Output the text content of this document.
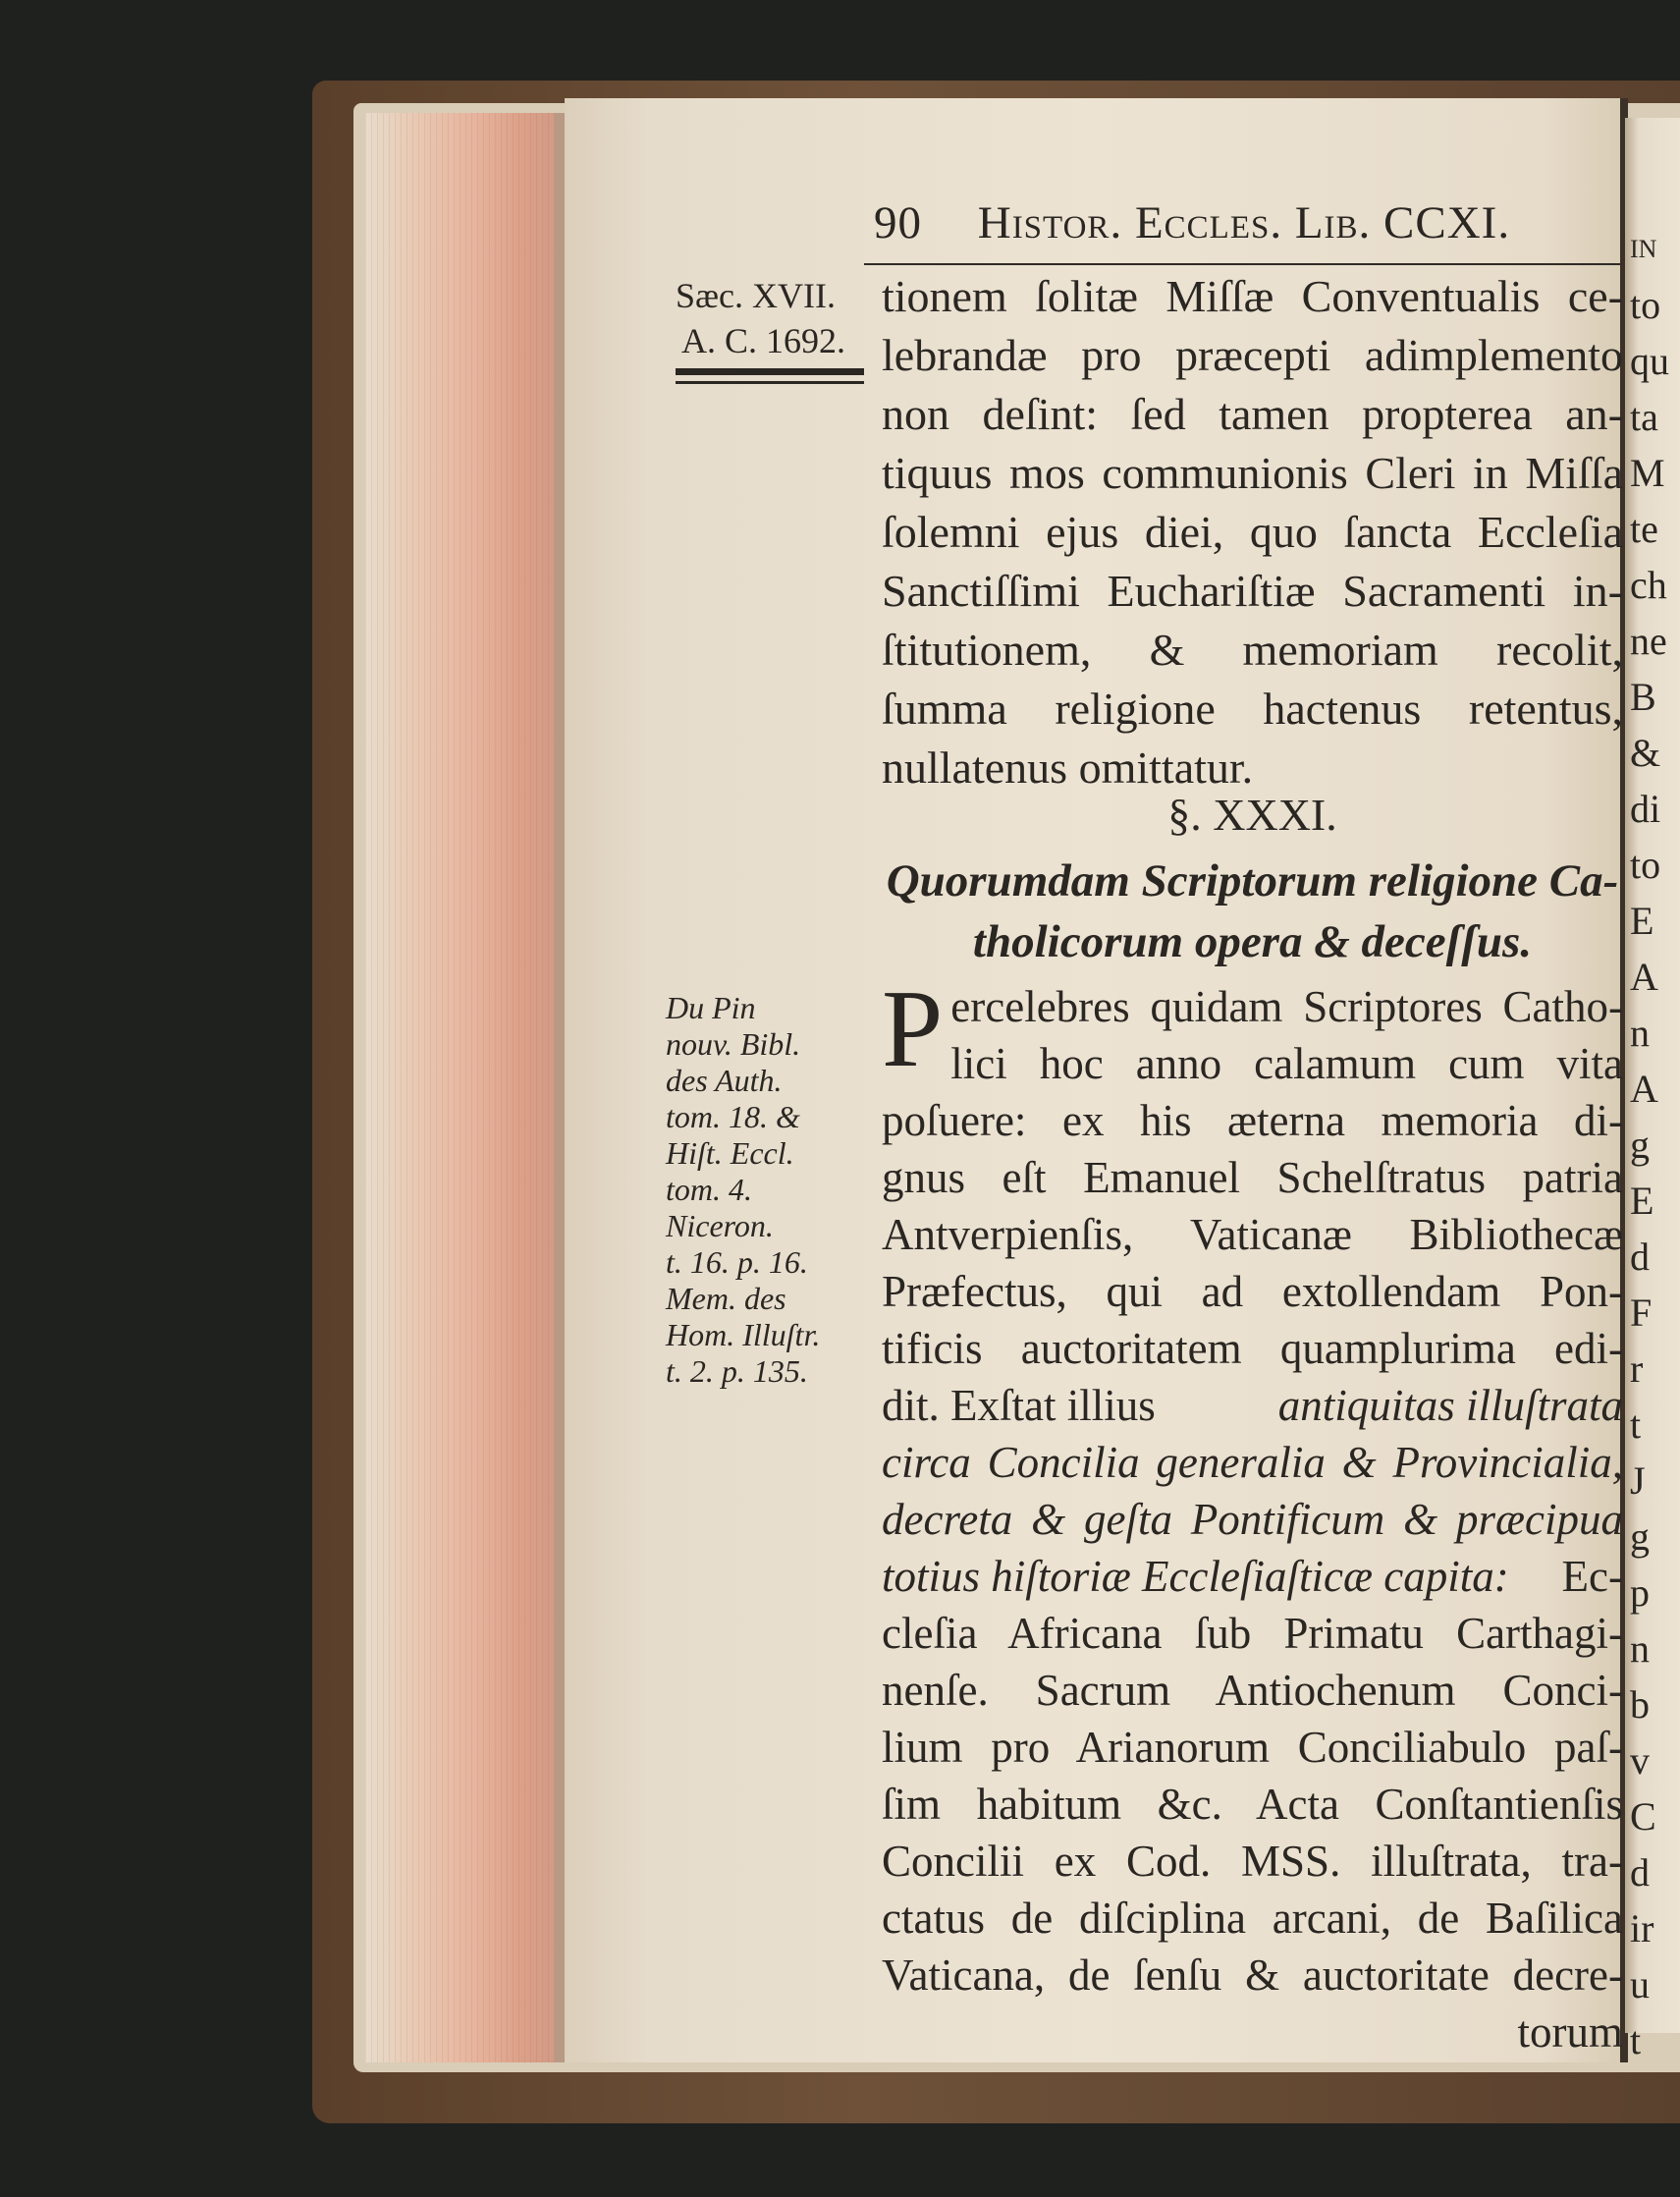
90 Histor. Eccles. Lib. CCXI.
Sæc. XVII.
A. C. 1692.
tionem ſolitæ Miſſæ Conventualis ce-
lebrandæ pro præcepti adimplemento
non deſint: ſed tamen propterea an-
tiquus mos communionis Cleri in Miſſa
ſolemni ejus diei, quo ſancta Eccleſia
Sanctiſſimi Euchariſtiæ Sacramenti in-
ſtitutionem, & memoriam recolit,
ſumma religione hactenus retentus,
nullatenus omittatur.
§. XXXI.
Quorumdam Scriptorum religione Ca-
tholicorum opera & deceſſus.
Du Pin
nouv. Bibl.
des Auth.
tom. 18. &
Hiſt. Eccl.
tom. 4.
Niceron.
t. 16. p. 16.
Mem. des
Hom. Illuſtr.
t. 2. p. 135.
P ercelebres quidam Scriptores Catho-
lici hoc anno calamum cum vita
poſuere: ex his æterna memoria di-
gnus eſt Emanuel Schelſtratus patria
Antverpienſis, Vaticanæ Bibliothecæ
Præfectus, qui ad extollendam Pon-
tificis auctoritatem quamplurima edi-
dit. Exſtat illius	antiquitas illuſtrata
circa Concilia generalia & Provincialia,
decreta & geſta Pontificum & præcipua
totius hiſtoriæ Eccleſiaſticæ capita: Ec-
cleſia Africana ſub Primatu Carthagi-
nenſe. Sacrum Antiochenum Conci-
lium pro Arianorum Conciliabulo paſ-
ſim habitum &c. Acta Conſtantienſis
Concilii ex Cod. MSS. illuſtrata, tra-
ctatus de diſciplina arcani, de Baſilica
Vaticana, de ſenſu & auctoritate decre-
torum
IN
to
qu
ta
M
te
ch
ne
B
&
di
to
E
A
n
A
g
E
d
F
r
t
J
g
p
n
b
v
C
d
ir
u
t
